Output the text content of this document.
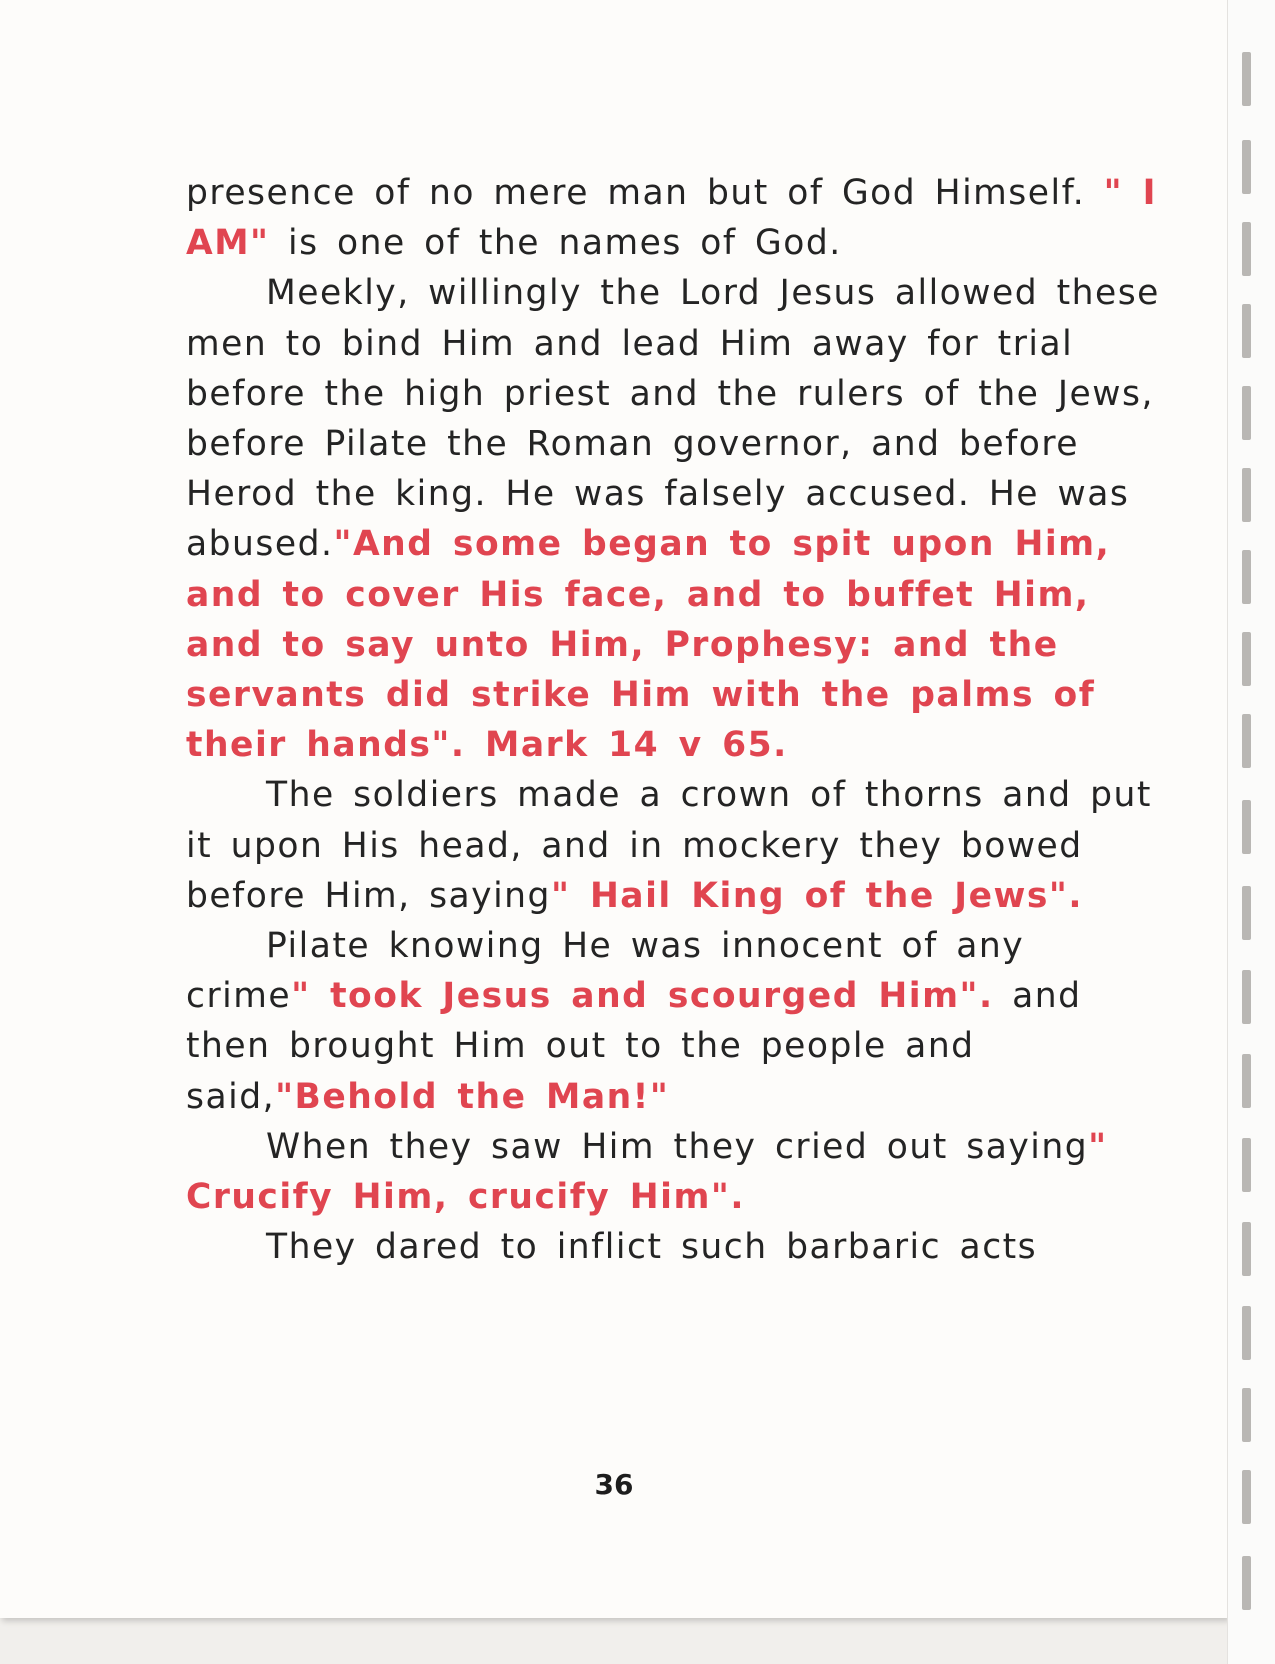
presence of no mere man but of God Himself. " I AM" is one of the names of God.

Meekly, willingly the Lord Jesus allowed these men to bind Him and lead Him away for trial before the high priest and the rulers of the Jews, before Pilate the Roman governor, and before Herod the king. He was falsely accused. He was abused."And some began to spit upon Him, and to cover His face, and to buffet Him, and to say unto Him, Prophesy: and the servants did strike Him with the palms of their hands". Mark 14 v 65.

The soldiers made a crown of thorns and put it upon His head, and in mockery they bowed before Him, saying" Hail King of the Jews".

Pilate knowing He was innocent of any crime" took Jesus and scourged Him". and then brought Him out to the people and said,"Behold the Man!"

When they saw Him they cried out saying" Crucify Him, crucify Him".

They dared to inflict such barbaric acts

36
